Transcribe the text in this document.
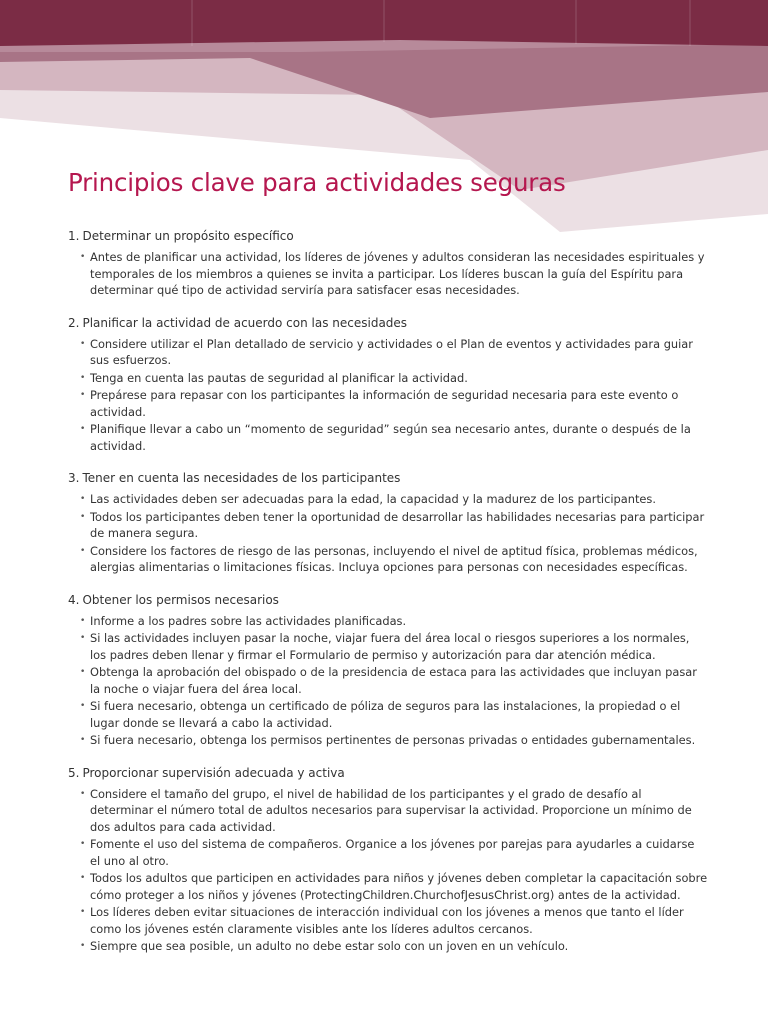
Principios clave para actividades seguras
1. Determinar un propósito específico
• Antes de planificar una actividad, los líderes de jóvenes y adultos consideran las necesidades espirituales y temporales de los miembros a quienes se invita a participar. Los líderes buscan la guía del Espíritu para determinar qué tipo de actividad serviría para satisfacer esas necesidades.
2. Planificar la actividad de acuerdo con las necesidades
• Considere utilizar el Plan detallado de servicio y actividades o el Plan de eventos y actividades para guiar sus esfuerzos.
• Tenga en cuenta las pautas de seguridad al planificar la actividad.
• Prepárese para repasar con los participantes la información de seguridad necesaria para este evento o actividad.
• Planifique llevar a cabo un “momento de seguridad” según sea necesario antes, durante o después de la actividad.
3. Tener en cuenta las necesidades de los participantes
• Las actividades deben ser adecuadas para la edad, la capacidad y la madurez de los participantes.
• Todos los participantes deben tener la oportunidad de desarrollar las habilidades necesarias para participar de manera segura.
• Considere los factores de riesgo de las personas, incluyendo el nivel de aptitud física, problemas médicos, alergias alimentarias o limitaciones físicas. Incluya opciones para personas con necesidades específicas.
4. Obtener los permisos necesarios
• Informe a los padres sobre las actividades planificadas.
• Si las actividades incluyen pasar la noche, viajar fuera del área local o riesgos superiores a los normales, los padres deben llenar y firmar el Formulario de permiso y autorización para dar atención médica.
• Obtenga la aprobación del obispado o de la presidencia de estaca para las actividades que incluyan pasar la noche o viajar fuera del área local.
• Si fuera necesario, obtenga un certificado de póliza de seguros para las instalaciones, la propiedad o el lugar donde se llevará a cabo la actividad.
• Si fuera necesario, obtenga los permisos pertinentes de personas privadas o entidades gubernamentales.
5. Proporcionar supervisión adecuada y activa
• Considere el tamaño del grupo, el nivel de habilidad de los participantes y el grado de desafío al determinar el número total de adultos necesarios para supervisar la actividad. Proporcione un mínimo de dos adultos para cada actividad.
• Fomente el uso del sistema de compañeros. Organice a los jóvenes por parejas para ayudarles a cuidarse el uno al otro.
• Todos los adultos que participen en actividades para niños y jóvenes deben completar la capacitación sobre cómo proteger a los niños y jóvenes (ProtectingChildren.ChurchofJesusChrist.org) antes de la actividad.
• Los líderes deben evitar situaciones de interacción individual con los jóvenes a menos que tanto el líder como los jóvenes estén claramente visibles ante los líderes adultos cercanos.
• Siempre que sea posible, un adulto no debe estar solo con un joven en un vehículo.
